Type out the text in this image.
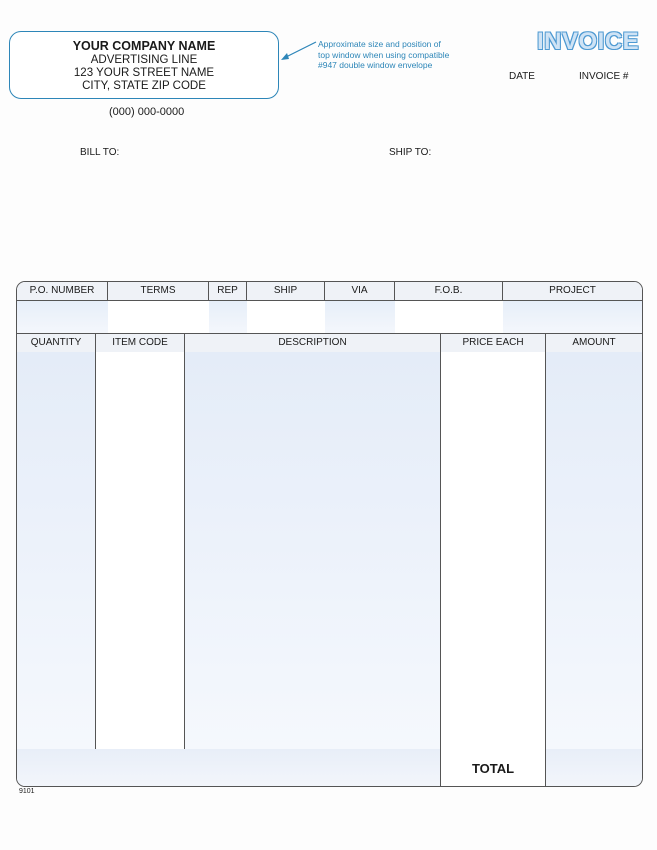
YOUR COMPANY NAME
ADVERTISING LINE
123 YOUR STREET NAME
CITY, STATE ZIP CODE
(000) 000-0000
Approximate size and position of
top window when using compatible
#947 double window envelope
INVOICE
DATE	INVOICE #
BILL TO:	SHIP TO:
P.O. NUMBER	TERMS	REP	SHIP	VIA	F.O.B.	PROJECT
QUANTITY	ITEM CODE	DESCRIPTION	PRICE EACH	AMOUNT
TOTAL
9101
